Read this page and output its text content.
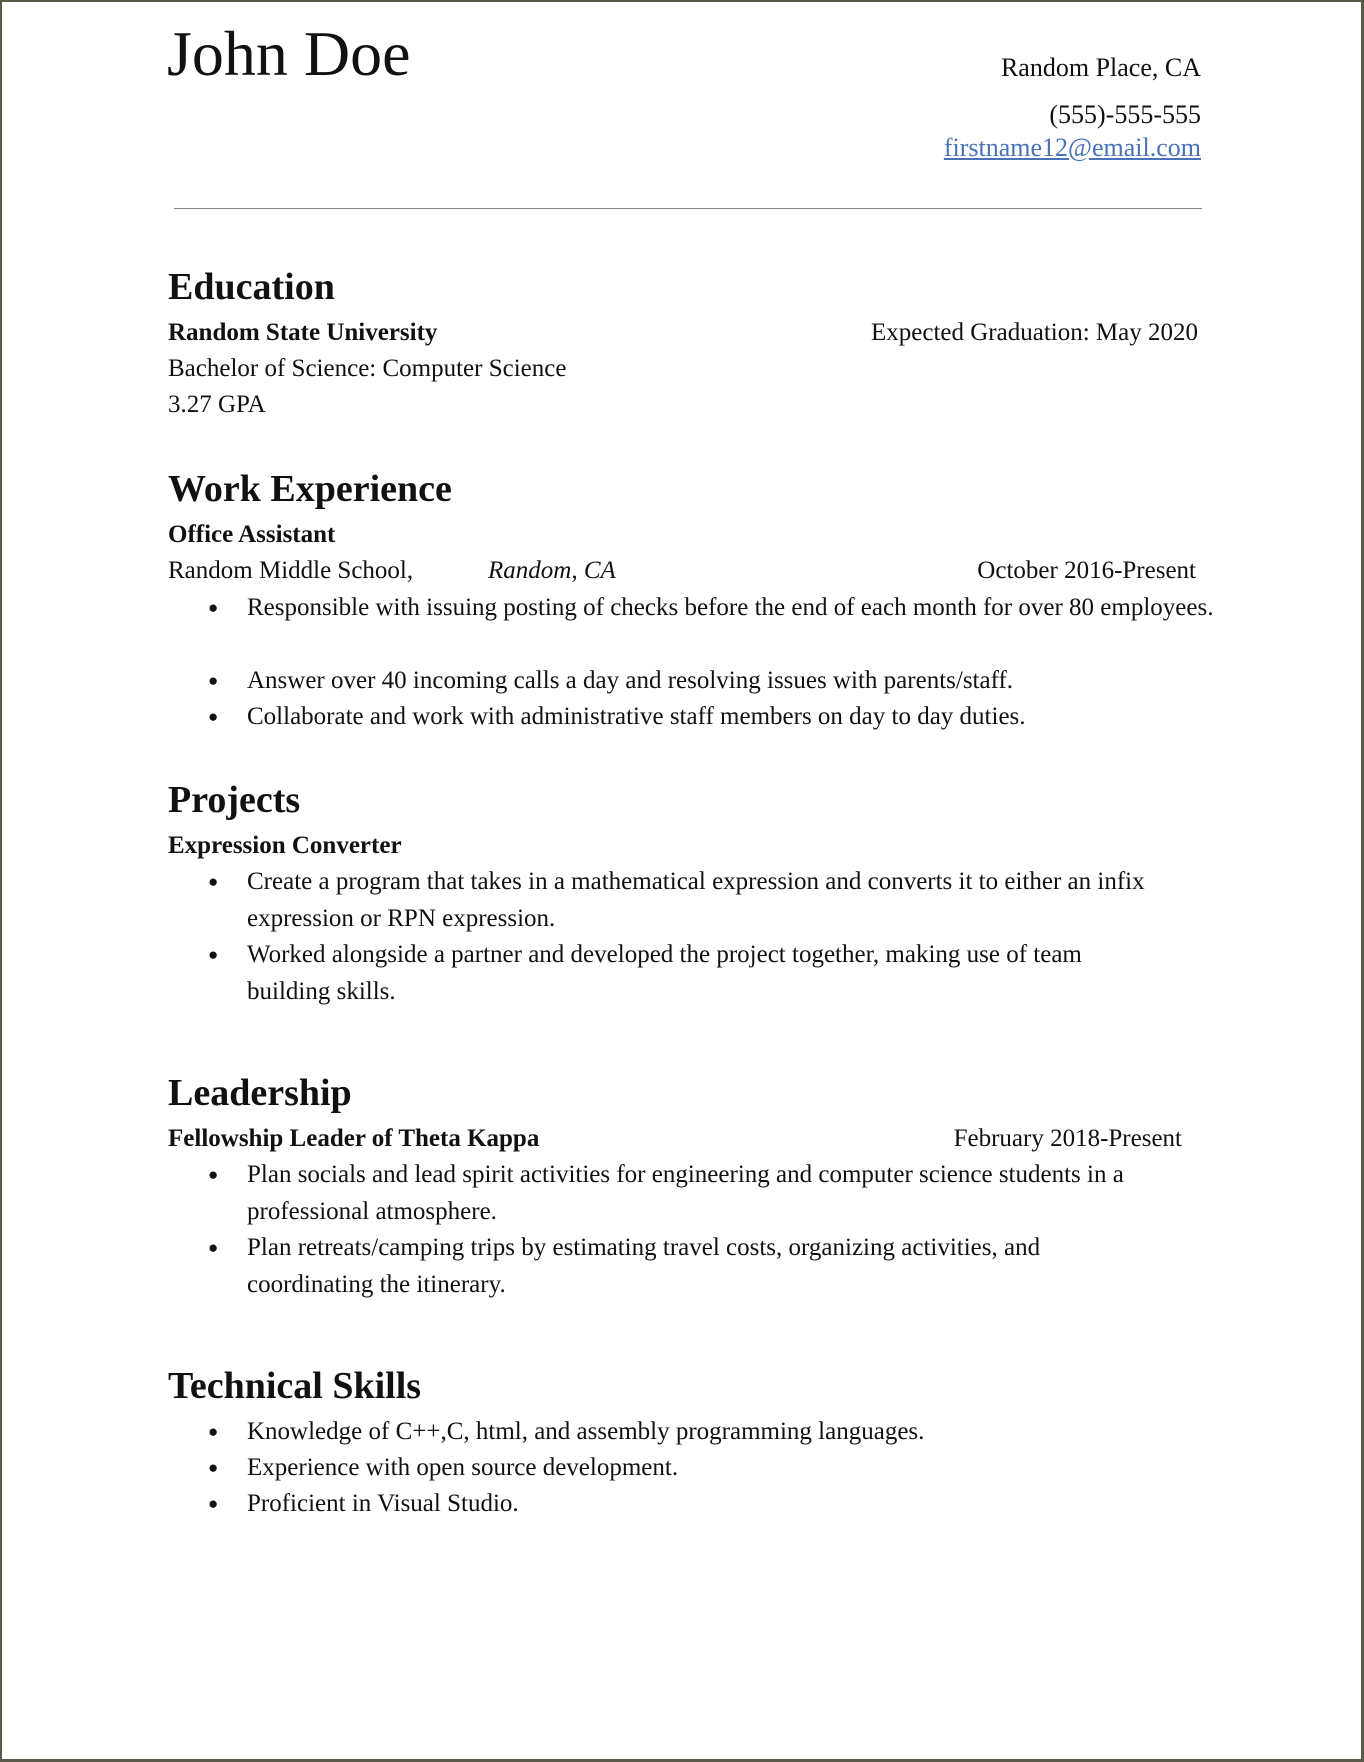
John Doe	Random Place, CA
(555)-555-555
firstname12@email.com
Education
Random State University	Expected Graduation: May 2020
Bachelor of Science: Computer Science
3.27 GPA
Work Experience
Office Assistant
Random Middle School,	Random, CA	October 2016-Present
● Responsible with issuing posting of checks before the end of each month for over 80 employees.
● Answer over 40 incoming calls a day and resolving issues with parents/staff.
● Collaborate and work with administrative staff members on day to day duties.
Projects
Expression Converter
● Create a program that takes in a mathematical expression and converts it to either an infix expression or RPN expression.
● Worked alongside a partner and developed the project together, making use of team building skills.
Leadership
Fellowship Leader of Theta Kappa	February 2018-Present
● Plan socials and lead spirit activities for engineering and computer science students in a professional atmosphere.
● Plan retreats/camping trips by estimating travel costs, organizing activities, and coordinating the itinerary.
Technical Skills
● Knowledge of C++,C, html, and assembly programming languages.
● Experience with open source development.
● Proficient in Visual Studio.
